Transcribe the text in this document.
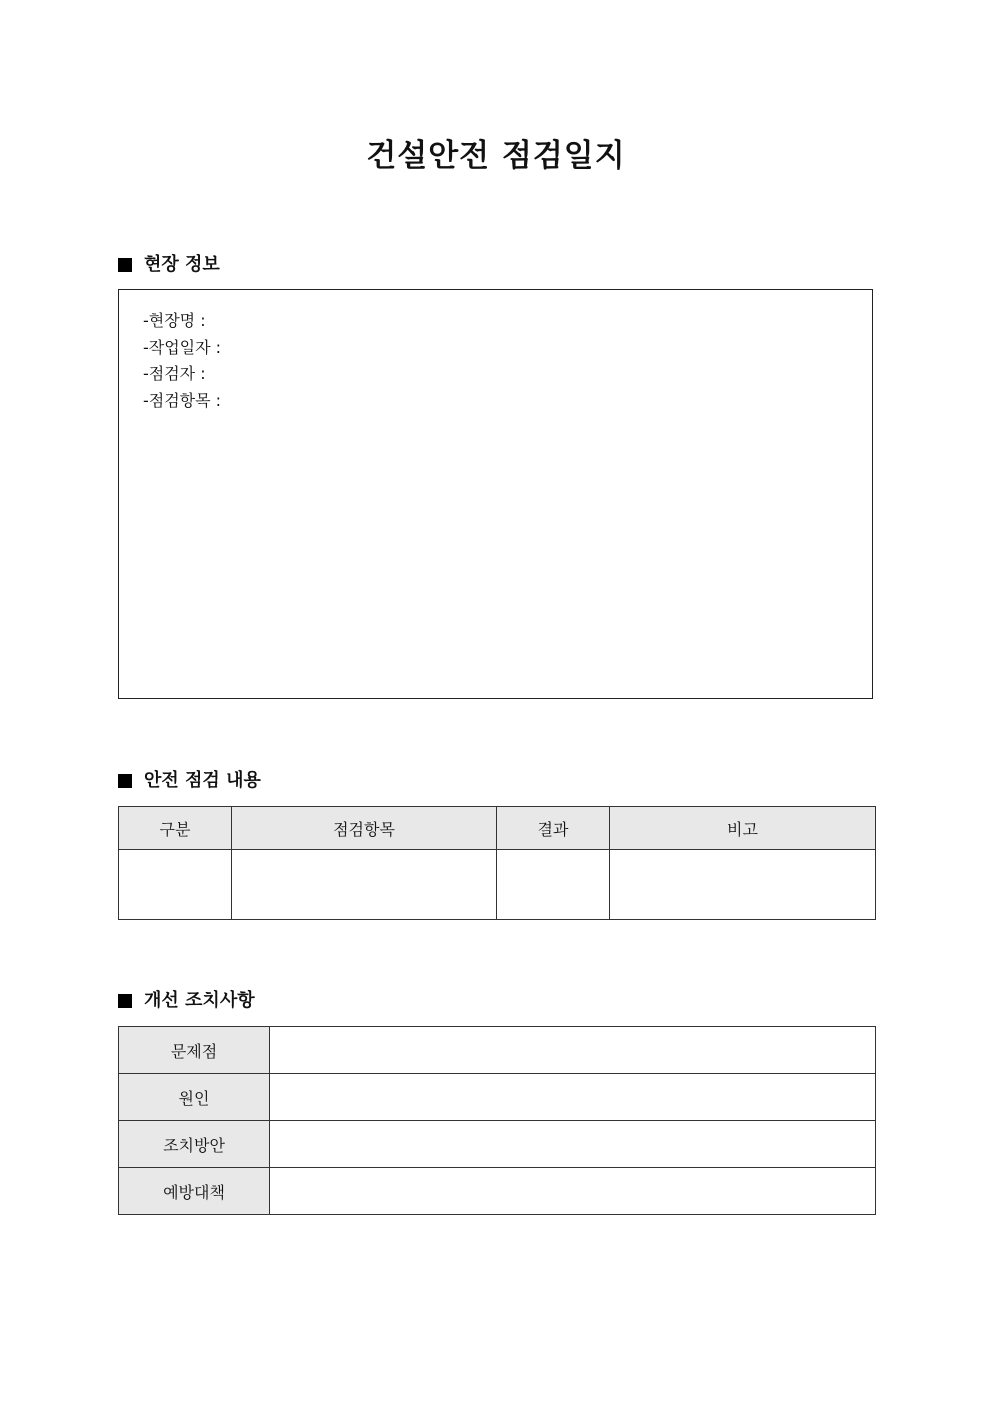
건설안전 점검일지
현장 정보
-현장명 :
-작업일자 :
-점검자 :
-점검항목 :
안전 점검 내용
구분	점검항목	결과	비고

개선 조치사항
문제점	
원인	
조치방안	
예방대책	
